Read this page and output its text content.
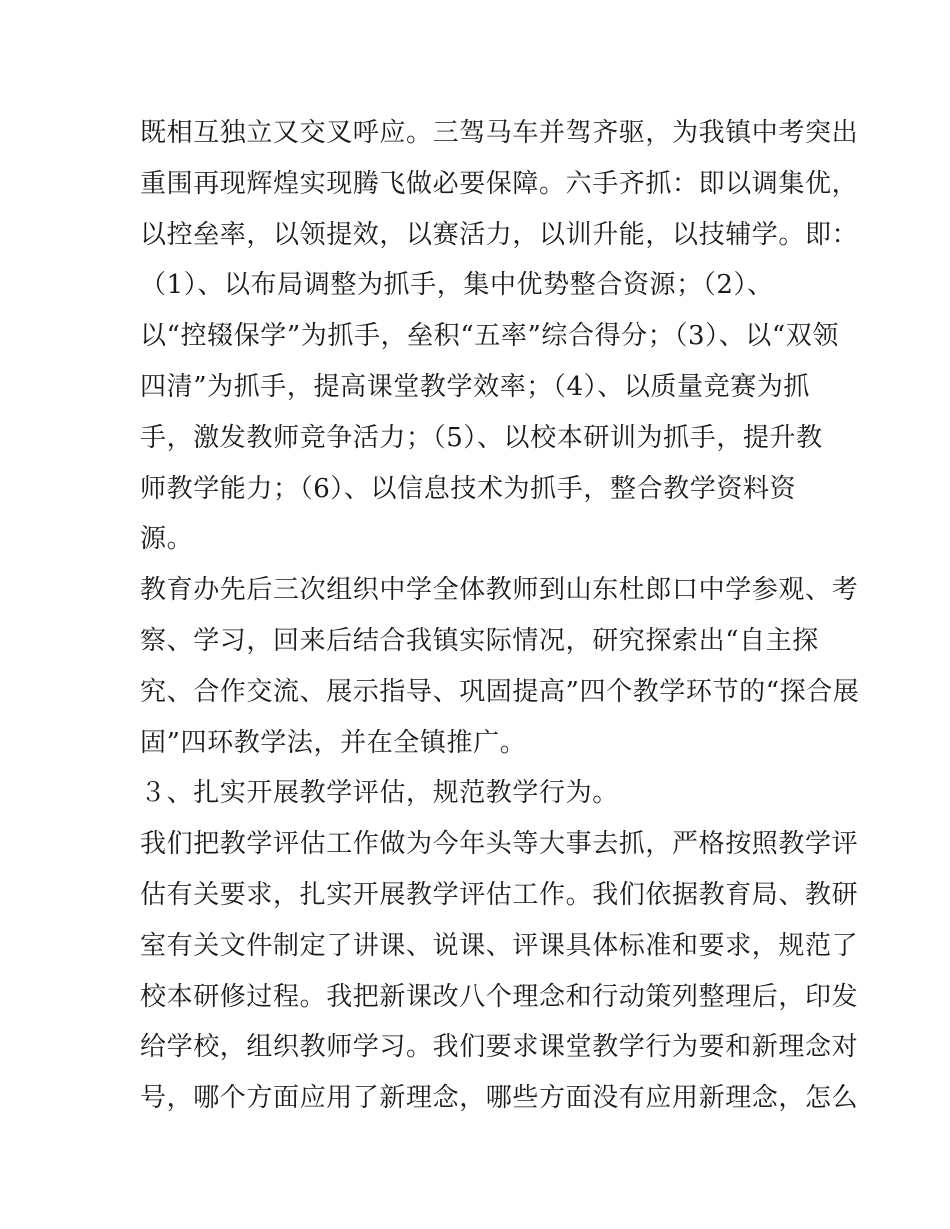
既相互独立又交叉呼应。三驾马车并驾齐驱，为我镇中考突出
重围再现辉煌实现腾飞做必要保障。六手齐抓：即以调集优，
以控垒率，以领提效，以赛活力，以训升能，以技辅学。即：
（1）、以布局调整为抓手，集中优势整合资源；（2）、
以“控辍保学”为抓手，垒积“五率”综合得分；（3）、以“双领
四清”为抓手，提高课堂教学效率；（4）、以质量竞赛为抓
手，激发教师竞争活力；（5）、以校本研训为抓手，提升教
师教学能力；（6）、以信息技术为抓手，整合教学资料资
源。
教育办先后三次组织中学全体教师到山东杜郎口中学参观、考
察、学习，回来后结合我镇实际情况，研究探索出“自主探
究、合作交流、展示指导、巩固提高”四个教学环节的“探合展
固”四环教学法，并在全镇推广。
３、扎实开展教学评估，规范教学行为。
我们把教学评估工作做为今年头等大事去抓，严格按照教学评
估有关要求，扎实开展教学评估工作。我们依据教育局、教研
室有关文件制定了讲课、说课、评课具体标准和要求，规范了
校本研修过程。我把新课改八个理念和行动策列整理后，印发
给学校，组织教师学习。我们要求课堂教学行为要和新理念对
号，哪个方面应用了新理念，哪些方面没有应用新理念，怎么
